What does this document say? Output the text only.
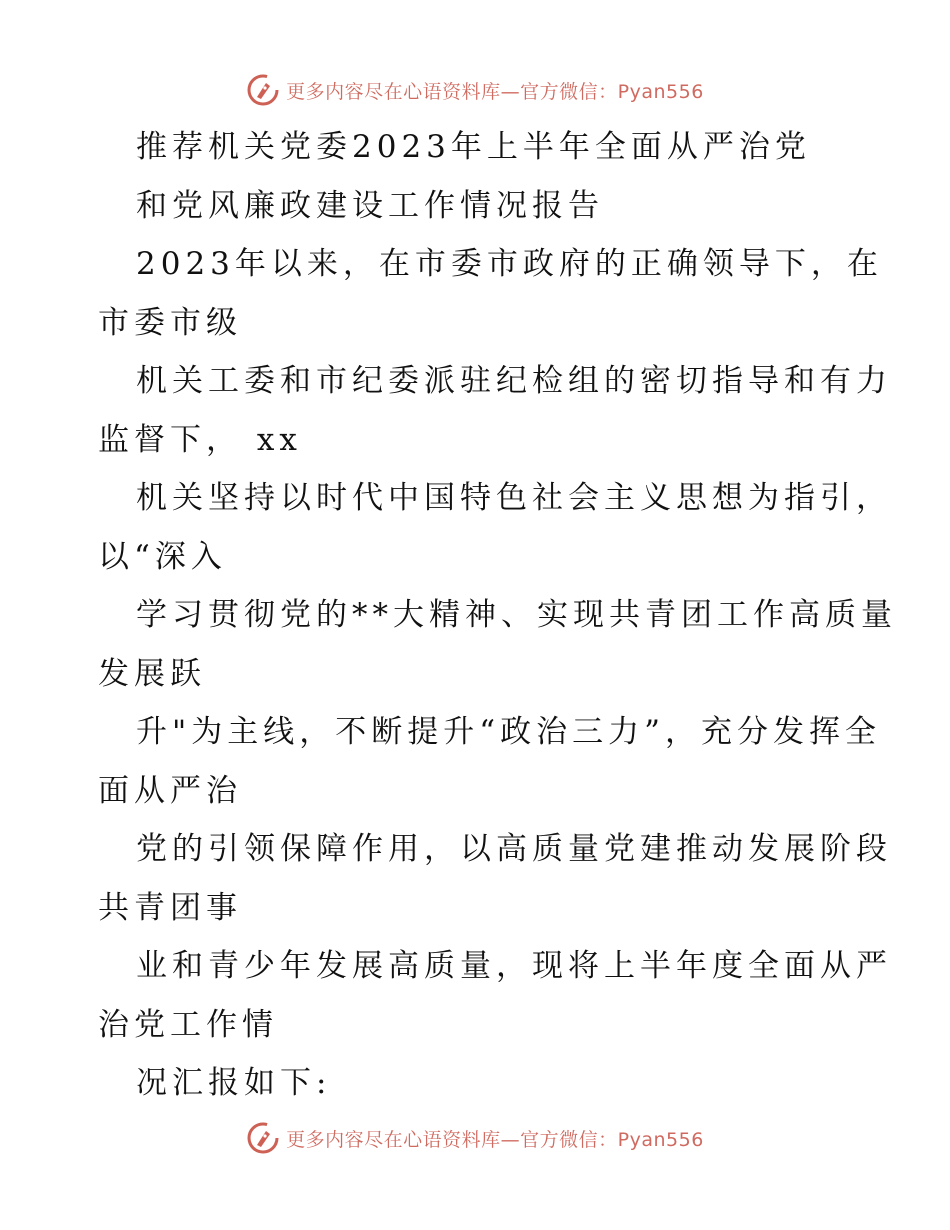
更多内容尽在心语资料库—官方微信：Pyan556
推荐机关党委2023年上半年全面从严治党
和党风廉政建设工作情况报告
2023年以来，在市委市政府的正确领导下，在
市委市级
机关工委和市纪委派驻纪检组的密切指导和有力
监督下， xx
机关坚持以时代中国特色社会主义思想为指引，
以“深入
学习贯彻党的**大精神、实现共青团工作高质量
发展跃
升"为主线，不断提升“政治三力”，充分发挥全
面从严治
党的引领保障作用，以高质量党建推动发展阶段
共青团事
业和青少年发展高质量，现将上半年度全面从严
治党工作情
况汇报如下:
更多内容尽在心语资料库—官方微信：Pyan556
